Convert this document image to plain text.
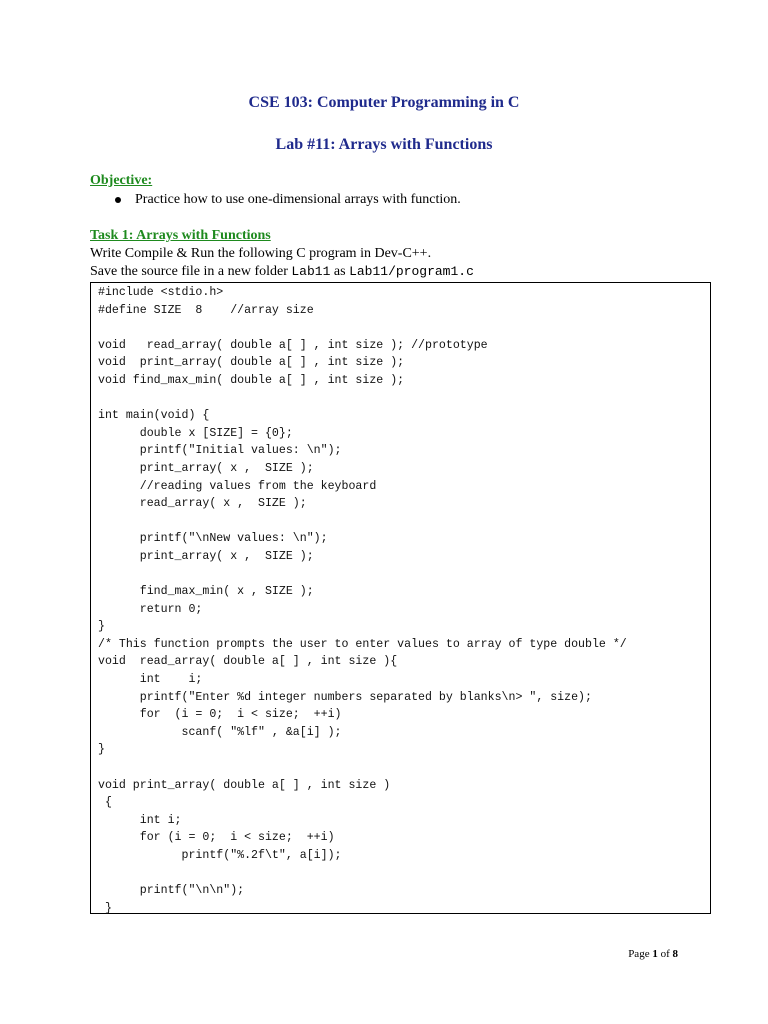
CSE 103: Computer Programming in C
Lab #11: Arrays with Functions

Objective:

Practice how to use one-dimensional arrays with function.

Task 1: Arrays with Functions

Write Compile & Run the following C program in Dev-C++.

Save the source file in a new folder Lab11 as Lab11/program1.c

#include <stdio.h>
#define SIZE  8    //array size
void   read_array( double a[ ] , int size ); //prototype
void  print_array( double a[ ] , int size );
void find_max_min( double a[ ] , int size );
int main(void) {
double x [SIZE] = {0};
printf("Initial values: \n");
print_array( x ,  SIZE );
//reading values from the keyboard
read_array( x ,  SIZE );
printf("\nNew values: \n");
print_array( x ,  SIZE );
find_max_min( x , SIZE );
return 0;
}
/* This function prompts the user to enter values to array of type double */
void  read_array( double a[ ] , int size ){
int    i;
printf("Enter %d integer numbers separated by blanks\n> ", size);
for  (i = 0;  i < size;  ++i)
scanf( "%lf" , &a[i] );
}
void print_array( double a[ ] , int size )
{
int i;
for (i = 0;  i < size;  ++i)
printf("%.2f\t", a[i]);
printf("\n\n");
}

Page 1 of 8
